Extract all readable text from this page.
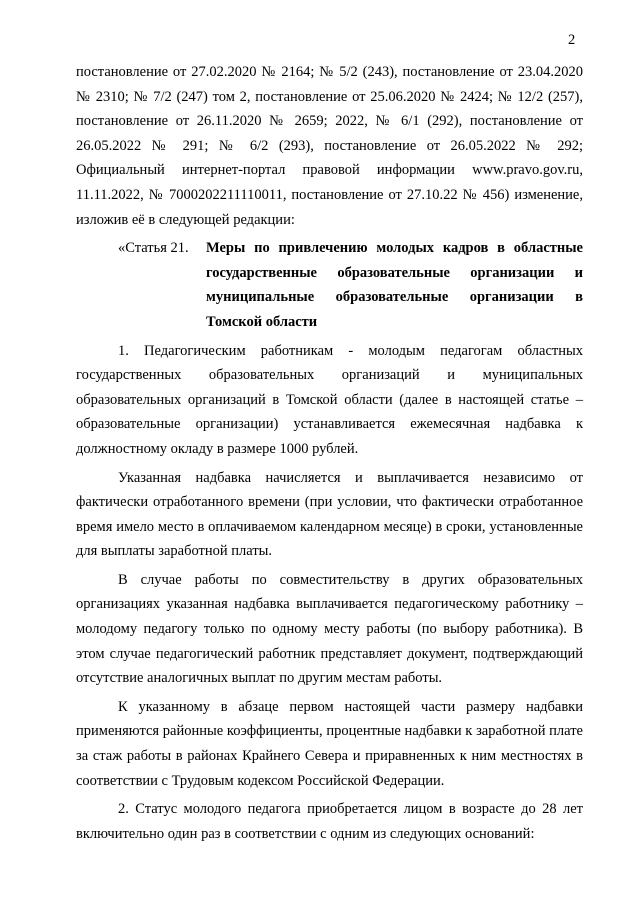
2

постановление от 27.02.2020 № 2164; № 5/2 (243), постановление от 23.04.2020 № 2310; № 7/2 (247) том 2, постановление от 25.06.2020 № 2424; № 12/2 (257), постановление от 26.11.2020 № 2659; 2022, № 6/1 (292), постановление от 26.05.2022 № 291; № 6/2 (293), постановление от 26.05.2022 № 292; Официальный интернет-портал правовой информации www.pravo.gov.ru, 11.11.2022, № 7000202211110011, постановление от 27.10.22 № 456) изменение, изложив её в следующей редакции:

«Статья 21.	Меры по привлечению молодых кадров в областные государственные образовательные организации и муниципальные образовательные организации в Томской области

1. Педагогическим работникам - молодым педагогам областных государственных образовательных организаций и муниципальных образовательных организаций в Томской области (далее в настоящей статье – образовательные организации) устанавливается ежемесячная надбавка к должностному окладу в размере 1000 рублей.

Указанная надбавка начисляется и выплачивается независимо от фактически отработанного времени (при условии, что фактически отработанное время имело место в оплачиваемом календарном месяце) в сроки, установленные для выплаты заработной платы.

В случае работы по совместительству в других образовательных организациях указанная надбавка выплачивается педагогическому работнику – молодому педагогу только по одному месту работы (по выбору работника). В этом случае педагогический работник представляет документ, подтверждающий отсутствие аналогичных выплат по другим местам работы.

К указанному в абзаце первом настоящей части размеру надбавки применяются районные коэффициенты, процентные надбавки к заработной плате за стаж работы в районах Крайнего Севера и приравненных к ним местностях в соответствии с Трудовым кодексом Российской Федерации.

2. Статус молодого педагога приобретается лицом в возрасте до 28 лет включительно один раз в соответствии с одним из следующих оснований:
